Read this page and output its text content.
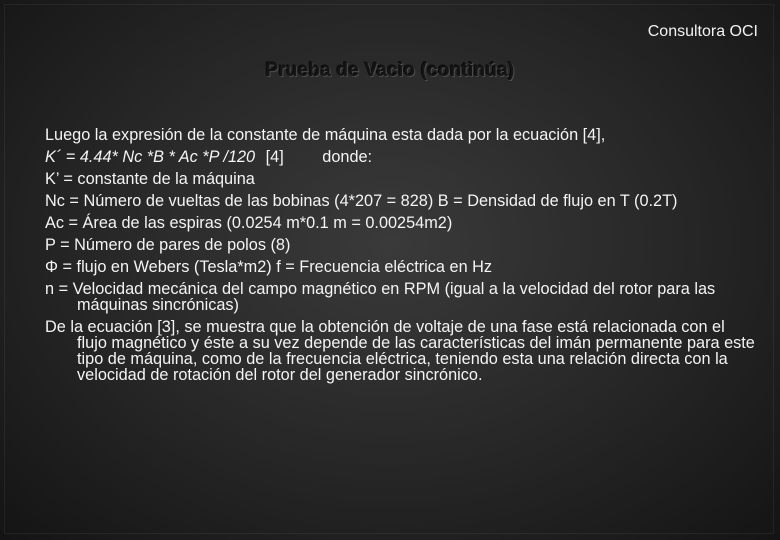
Consultora OCI
Prueba de Vacio (continúa)
Luego la expresión de la constante de máquina esta dada por la ecuación [4],
K´ = 4.44* Nc *B * Ac *P /120 [4] donde:
K’ = constante de la máquina
Nc = Número de vueltas de las bobinas (4*207 = 828) B = Densidad de flujo en T (0.2T)
Ac = Área de las espiras (0.0254 m*0.1 m = 0.00254m2)
P = Número de pares de polos (8)
Φ = flujo en Webers (Tesla*m2) f = Frecuencia eléctrica en Hz
n = Velocidad mecánica del campo magnético en RPM (igual a la velocidad del rotor para las máquinas sincrónicas)
De la ecuación [3], se muestra que la obtención de voltaje de una fase está relacionada con el flujo magnético y éste a su vez depende de las características del imán permanente para este tipo de máquina, como de la frecuencia eléctrica, teniendo esta una relación directa con la velocidad de rotación del rotor del generador sincrónico.
